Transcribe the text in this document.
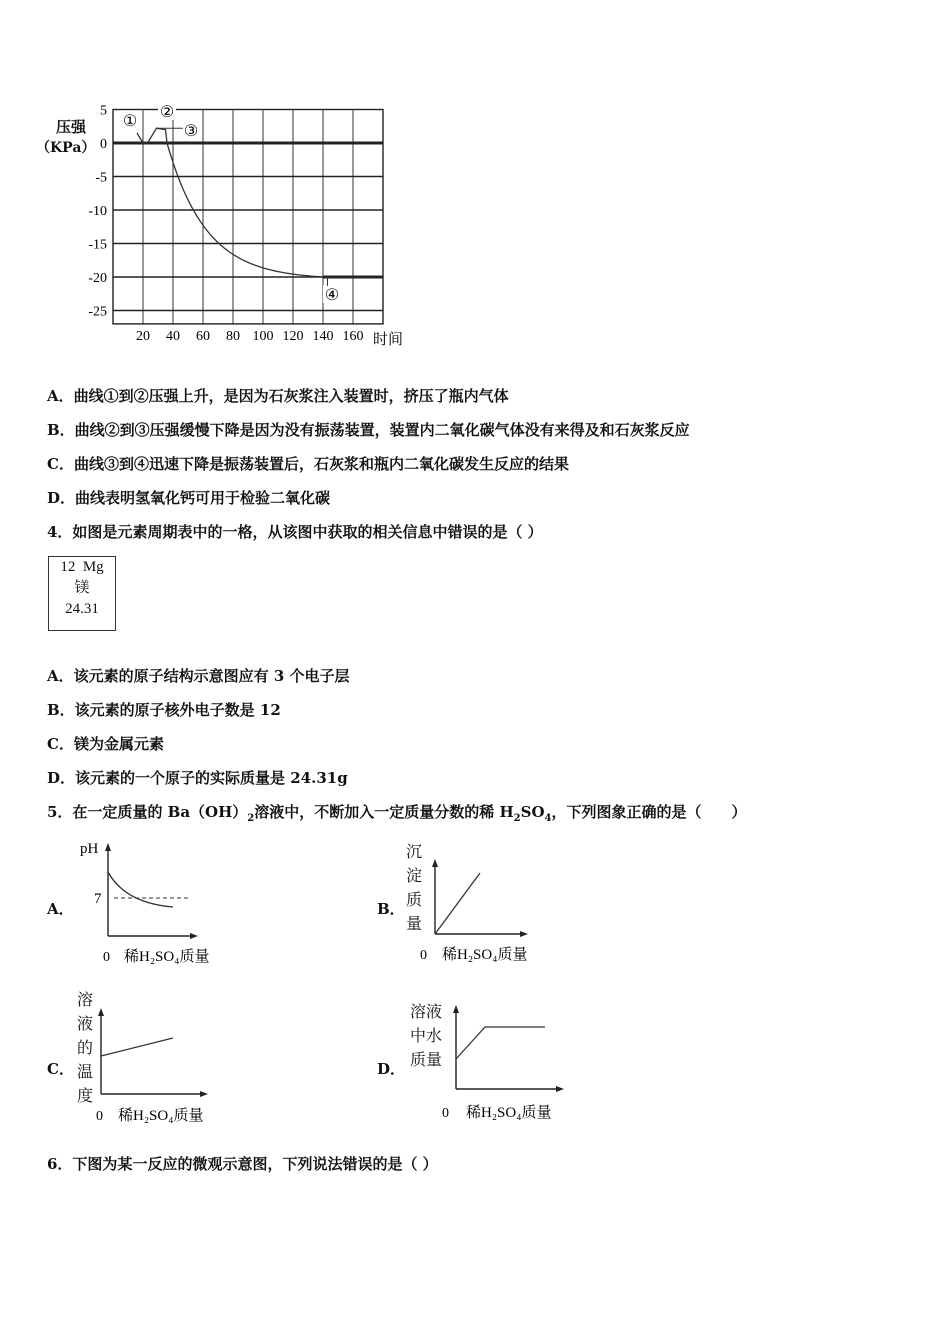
压强
（KPa）
5
0
-5
-10
-15
-20
-25
20 40 60 80 100 120 140 160 时间
①
②
③
④
A．曲线①到②压强上升，是因为石灰浆注入装置时，挤压了瓶内气体
B．曲线②到③压强缓慢下降是因为没有振荡装置，装置内二氧化碳气体没有来得及和石灰浆反应
C．曲线③到④迅速下降是振荡装置后，石灰浆和瓶内二氧化碳发生反应的结果
D．曲线表明氢氧化钙可用于检验二氧化碳
4．如图是元素周期表中的一格，从该图中获取的相关信息中错误的是（ ）
12 Mg
镁
24.31
A．该元素的原子结构示意图应有 3 个电子层
B．该元素的原子核外电子数是 12
C．镁为金属元素
D．该元素的一个原子的实际质量是 24.31g
5．在一定质量的 $Ba(OH)_2$溶液中，不断加入一定质量分数的稀 $H_2SO_4$，下列图象正确的是（　　）
A．
pH
7
0 稀H₂SO₄质量
B．
0 稀H₂SO₄质量
沉淀质量
C．
0 稀H₂SO₄质量
溶液的温度
D．
0 稀H₂SO₄质量
溶液中水质量
6．下图为某一反应的微观示意图，下列说法错误的是（ ）
